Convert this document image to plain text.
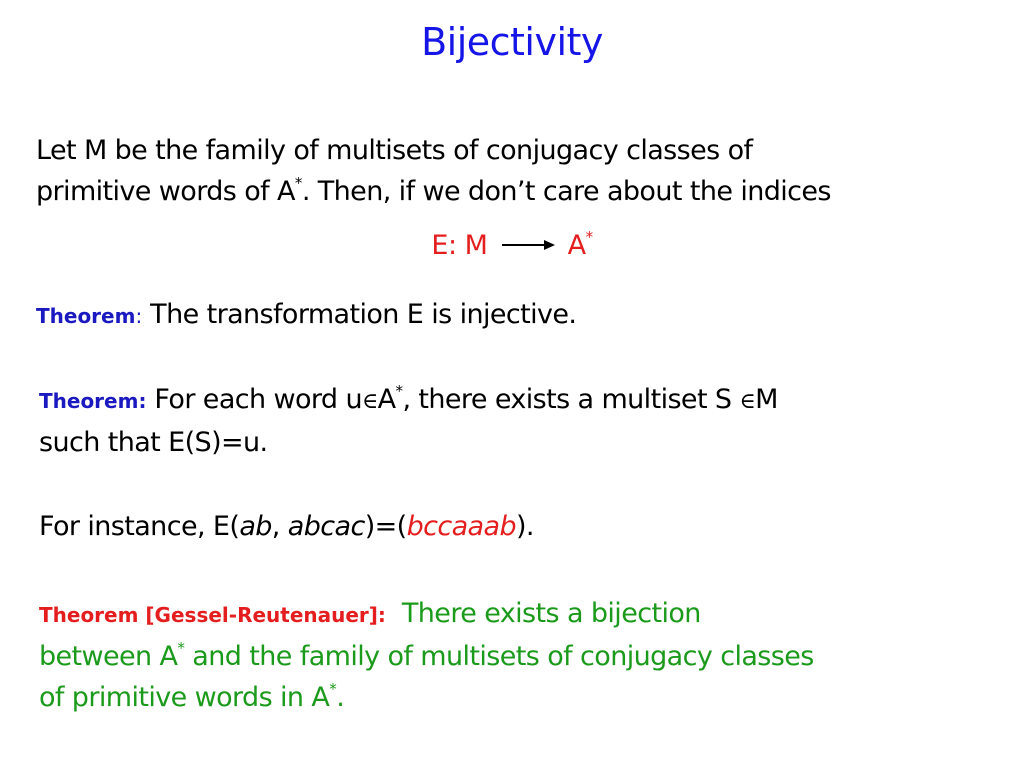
Bijectivity
Let M be the family of multisets of conjugacy classes of
primitive words of A*. Then, if we don’t care about the indices
E: M	A*
Theorem: The transformation E is injective.
Theorem: For each word u∈A*, there exists a multiset S ∈M
such that E(S)=u.
For instance, E(ab, abcac)=(bccaaab).
Theorem [Gessel-Reutenauer]:  There exists a bijection
between A* and the family of multisets of conjugacy classes
of primitive words in A*.
